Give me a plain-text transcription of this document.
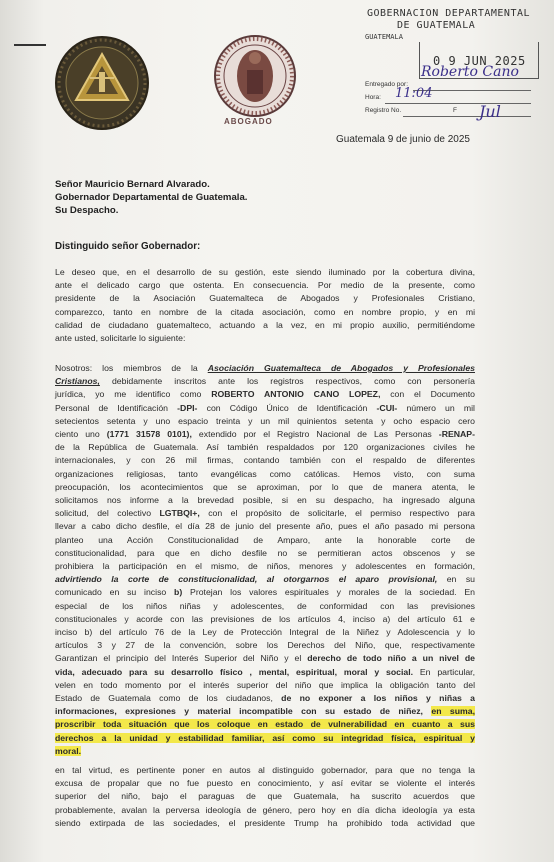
ABOGADO
GOBERNACION DEPARTAMENTAL
DE GUATEMALA
GUATEMALA
0 9 JUN 2025
Entregado por:
Hora:
Registro No.	F
Roberto Cano
11:04
Jul
Guatemala 9 de junio de 2025
Señor Mauricio Bernard Alvarado.
Gobernador Departamental de Guatemala.
Su Despacho.
Distinguido señor Gobernador:
Le deseo que, en el desarrollo de su gestión, este siendo iluminado por la cobertura divina,
ante el delicado cargo que ostenta. En consecuencia. Por medio de la presente, como
presidente de la Asociación Guatemalteca de Abogados y Profesionales Cristiano,
comparezco, tanto en nombre de la citada asociación, como en nombre propio, y en mi
calidad de ciudadano guatemalteco, actuando a la vez, en mi propio auxilio, permitiéndome
ante usted, solicitarle lo siguiente:
Nosotros: los miembros de la Asociación Guatemalteca de Abogados y Profesionales
Cristianos, debidamente inscritos ante los registros respectivos, como con personería
jurídica, yo me identifico como ROBERTO ANTONIO CANO LOPEZ, con el Documento
Personal de Identificación -DPI- con Código Único de Identificación -CUI- número un mil
setecientos setenta y uno espacio treinta y un mil quinientos setenta y ocho espacio cero
ciento uno (1771 31578 0101), extendido por el Registro Nacional de Las Personas -RENAP-
de la República de Guatemala. Así también respaldados por 120 organizaciones civiles he
internacionales, y con 26 mil firmas, contando también con el respaldo de diferentes
organizaciones religiosas, tanto evangélicas como católicas. Hemos visto, con suma
preocupación, los acontecimientos que se aproximan, por lo que de manera atenta, le
solicitamos nos informe a la brevedad posible, si en su despacho, ha ingresado alguna
solicitud, del colectivo LGTBQI+, con el propósito de solicitarle, el permiso respectivo para
llevar a cabo dicho desfile, el día 28 de junio del presente año, pues el año pasado mi persona
planteo una Acción Constitucionalidad de Amparo, ante la honorable corte de
constitucionalidad, para que en dicho desfile no se permitieran actos obscenos y se
prohibiera la participación en el mismo, de niños, menores y adolescentes en formación,
advirtiendo la corte de constitucionalidad, al otorgarnos el aparo provisional, en su
comunicado en su inciso b) Protejan los valores espirituales y morales de la sociedad. En
especial de los niños niñas y adolescentes, de conformidad con las previsiones
constitucionales y acorde con las previsiones de los artículos 4, inciso a) del artículo 61 e
inciso b) del artículo 76 de la Ley de Protección Integral de la Niñez y Adolescencia y lo
artículos 3 y 27 de la convención, sobre los Derechos del Niño, que, respectivamente
Garantizan el principio del Interés Superior del Niño y el derecho de todo niño a un nivel de
vida, adecuado para su desarrollo físico , mental, espiritual, moral y social. En particular,
velen en todo momento por el interés superior del niño que implica la obligación tanto del
Estado de Guatemala como de los ciudadanos, de no exponer a los niños y niñas a
informaciones, expresiones y material incompatible con su estado de niñez, en suma,
proscribir toda situación que los coloque en estado de vulnerabilidad en cuanto a sus
derechos a la unidad y estabilidad familiar, así como su integridad física, espiritual y
moral.
en tal virtud, es pertinente poner en autos al distinguido gobernador, para que no tenga la
excusa de propalar que no fue puesto en conocimiento, y así evitar se violente el interés
superior del niño, bajo el paraguas de que Guatemala, ha suscrito acuerdos que
probablemente, avalan la perversa ideología de género, pero hoy en día dicha ideología ya esta
siendo extirpada de las sociedades, el presidente Trump ha prohibido toda actividad que
